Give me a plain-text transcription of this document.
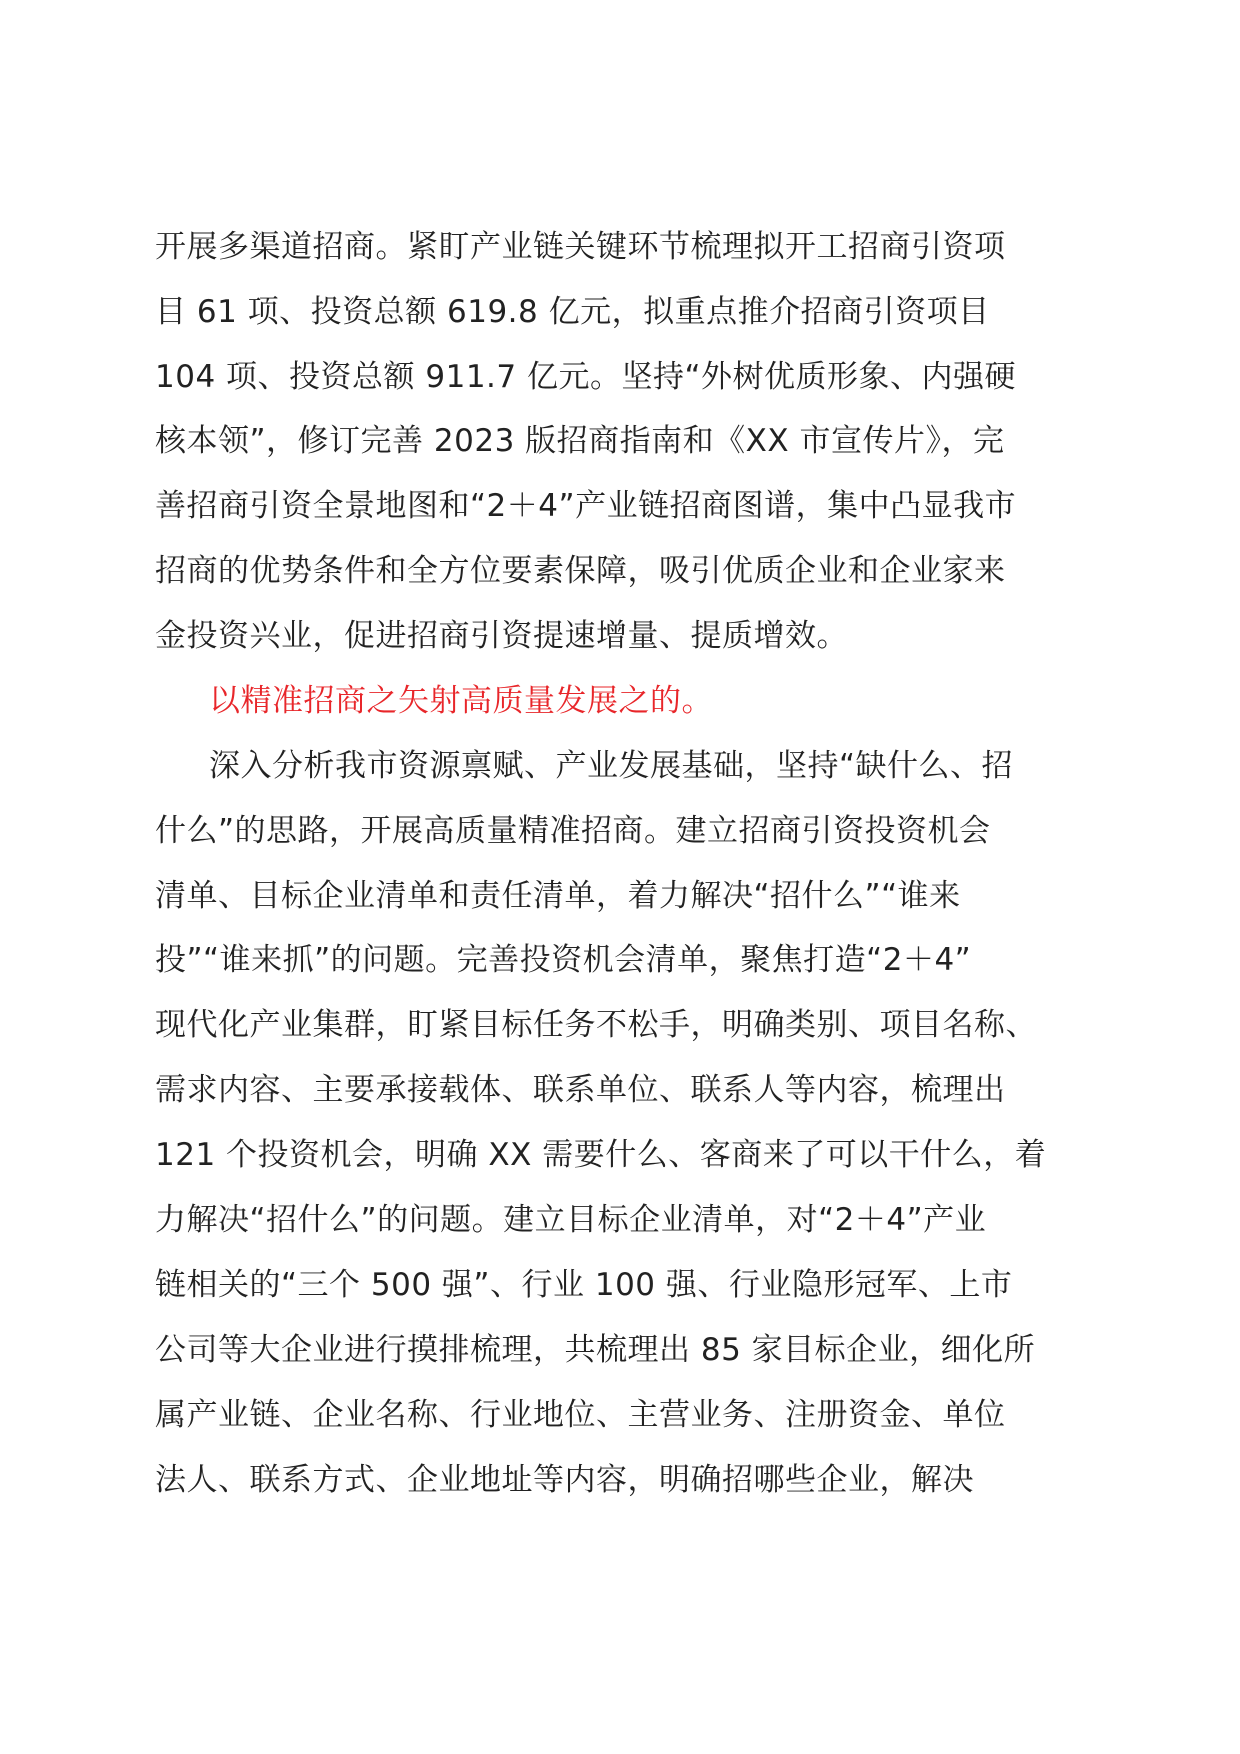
开展多渠道招商。紧盯产业链关键环节梳理拟开工招商引资项
目 61 项、投资总额 619.8 亿元，拟重点推介招商引资项目
104 项、投资总额 911.7 亿元。坚持“外树优质形象、内强硬
核本领”，修订完善 2023 版招商指南和《XX 市宣传片》，完
善招商引资全景地图和“2＋4”产业链招商图谱，集中凸显我市
招商的优势条件和全方位要素保障，吸引优质企业和企业家来
金投资兴业，促进招商引资提速增量、提质增效。
以精准招商之矢射高质量发展之的。
深入分析我市资源禀赋、产业发展基础，坚持“缺什么、招
什么”的思路，开展高质量精准招商。建立招商引资投资机会
清单、目标企业清单和责任清单，着力解决“招什么”“谁来
投”“谁来抓”的问题。完善投资机会清单，聚焦打造“2＋4”
现代化产业集群，盯紧目标任务不松手，明确类别、项目名称、
需求内容、主要承接载体、联系单位、联系人等内容，梳理出
121 个投资机会，明确 XX 需要什么、客商来了可以干什么，着
力解决“招什么”的问题。建立目标企业清单，对“2＋4”产业
链相关的“三个 500 强”、行业 100 强、行业隐形冠军、上市
公司等大企业进行摸排梳理，共梳理出 85 家目标企业，细化所
属产业链、企业名称、行业地位、主营业务、注册资金、单位
法人、联系方式、企业地址等内容，明确招哪些企业，解决
